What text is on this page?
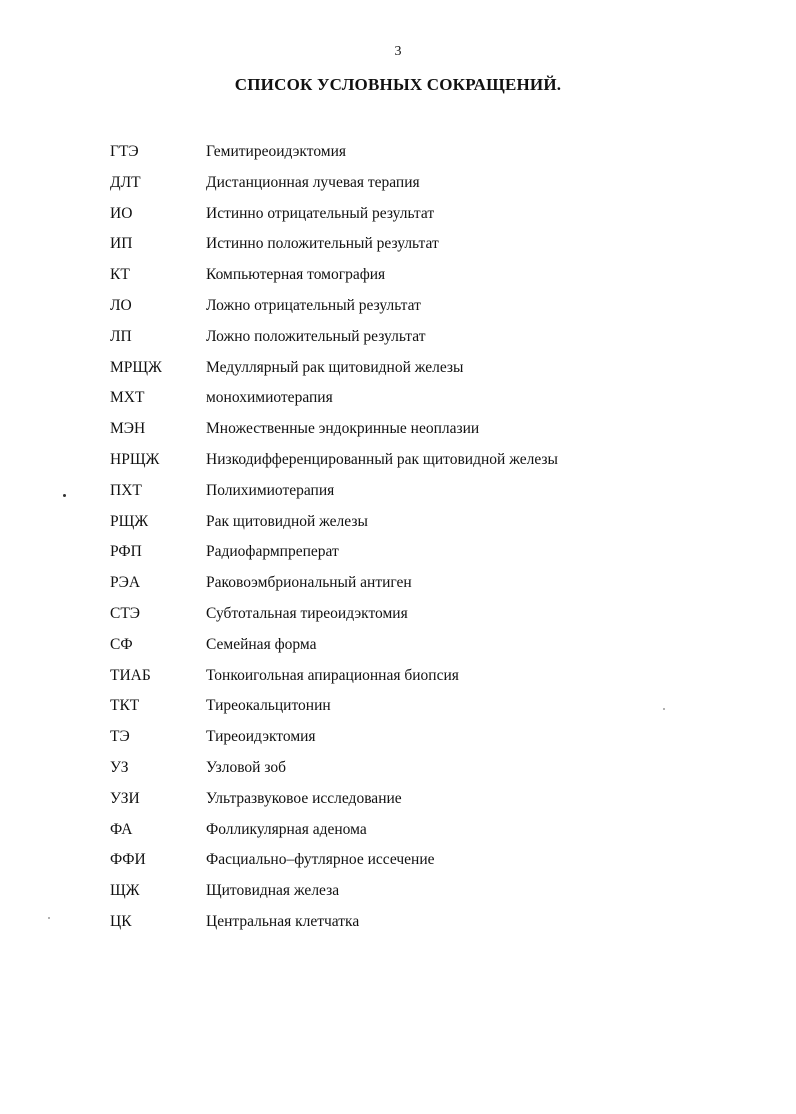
3
СПИСОК УСЛОВНЫХ СОКРАЩЕНИЙ.
ГТЭ	Гемитиреоидэктомия
ДЛТ	Дистанционная лучевая терапия
ИО	Истинно отрицательный результат
ИП	Истинно положительный результат
КТ	Компьютерная томография
ЛО	Ложно отрицательный результат
ЛП	Ложно положительный результат
МРЩЖ	Медуллярный рак щитовидной железы
МХТ	монохимиотерапия
МЭН	Множественные эндокринные неоплазии
НРЩЖ	Низкодифференцированный рак щитовидной железы
ПХТ	Полихимиотерапия
РЩЖ	Рак щитовидной железы
РФП	Радиофармпреперат
РЭА	Раковоэмбриональный антиген
СТЭ	Субтотальная тиреоидэктомия
СФ	Семейная форма
ТИАБ	Тонкоигольная апирационная биопсия
ТКТ	Тиреокальцитонин
ТЭ	Тиреоидэктомия
УЗ	Узловой зоб
УЗИ	Ультразвуковое исследование
ФА	Фолликулярная аденома
ФФИ	Фасциально–футлярное иссечение
ЩЖ	Щитовидная железа
ЦК	Центральная клетчатка
